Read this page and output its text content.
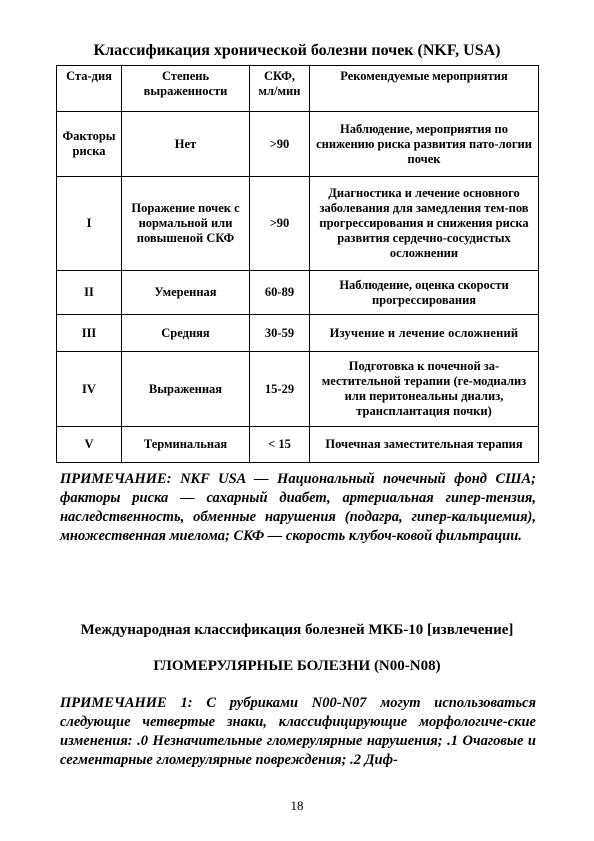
Классификация хронической болезни почек (NKF, USA)
Ста-дия	Степень выраженности	СКФ, мл/мин	Рекомендуемые мероприятия
Факторы риска	Нет	>90	Наблюдение, мероприятия по снижению риска развития пато-логии почек
I	Поражение почек с нормальной или повышеной СКФ	>90	Диагностика и лечение основного заболевания для замедления тем-пов прогрессирования и снижения риска развития сердечно-сосудистых осложнении
II	Умеренная	60-89	Наблюдение, оценка скорости прогрессирования
III	Средняя	30-59	Изучение и лечение осложнений
IV	Выраженная	15-29	Подготовка к почечной за-местительной терапии (ге-модиализ или перитонеальны диализ, трансплантация почки)
V	Терминальная	< 15	Почечная заместительная терапия
ПРИМЕЧАНИЕ: NKF USA — Национальный почечный фонд США; факторы риска — сахарный диабет, артериальная гипер-тензия, наследственность, обменные нарушения (подагра, гипер-кальциемия), множественная миелома; СКФ — скорость клубоч-ковой фильтрации.
Международная классификация болезней МКБ-10 [извлечение]
ГЛОМЕРУЛЯРНЫЕ БОЛЕЗНИ (N00-N08)
ПРИМЕЧАНИЕ 1: С рубриками N00-N07 могут использоваться следующие четвертые знаки, классифицирующие морфологиче-ские изменения: .0 Незначительные гломерулярные нарушения; .1 Очаговые и сегментарные гломерулярные повреждения; .2 Диф-
18
